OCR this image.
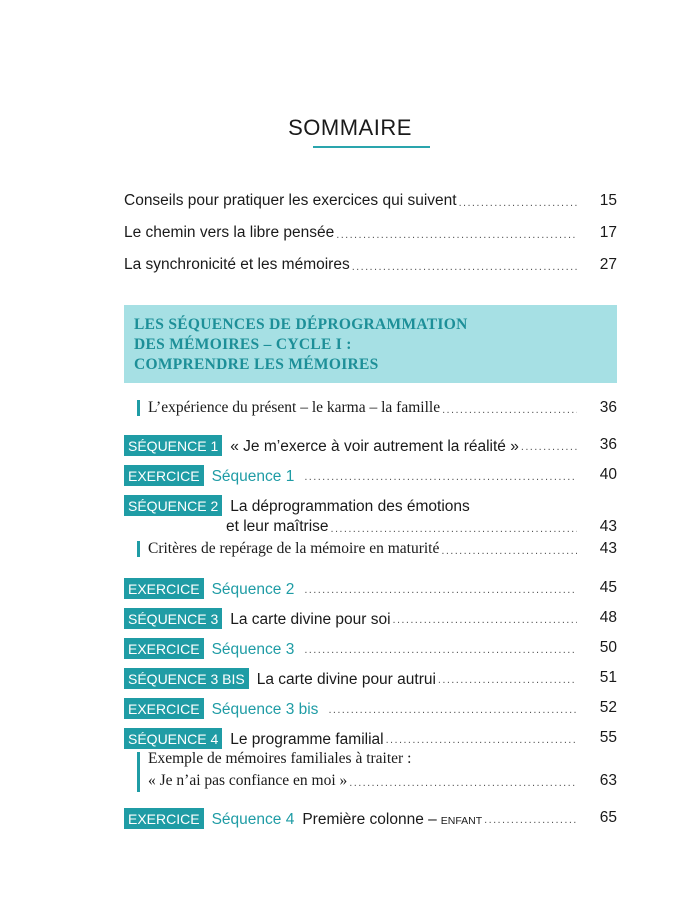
SOMMAIRE
Conseils pour pratiquer les exercices qui suivent .....	15
Le chemin vers la libre pensée .....	17
La synchronicité et les mémoires .....	27
LES SÉQUENCES DE DÉPROGRAMMATION
DES MÉMOIRES – CYCLE I :
COMPRENDRE LES MÉMOIRES
L’expérience du présent – le karma – la famille .....	36
SÉQUENCE 1 « Je m’exerce à voir autrement la réalité » .....	36
EXERCICE Séquence 1 .....	40
SÉQUENCE 2 La déprogrammation des émotions
et leur maîtrise .....	43
Critères de repérage de la mémoire en maturité .....	43
EXERCICE Séquence 2 .....	45
SÉQUENCE 3 La carte divine pour soi .....	48
EXERCICE Séquence 3 .....	50
SÉQUENCE 3 BIS La carte divine pour autrui .....	51
EXERCICE Séquence 3 bis .....	52
SÉQUENCE 4 Le programme familial .....	55
Exemple de mémoires familiales à traiter :
« Je n’ai pas confiance en moi » .....	63
EXERCICE Séquence 4 Première colonne – ENFANT .....	65
